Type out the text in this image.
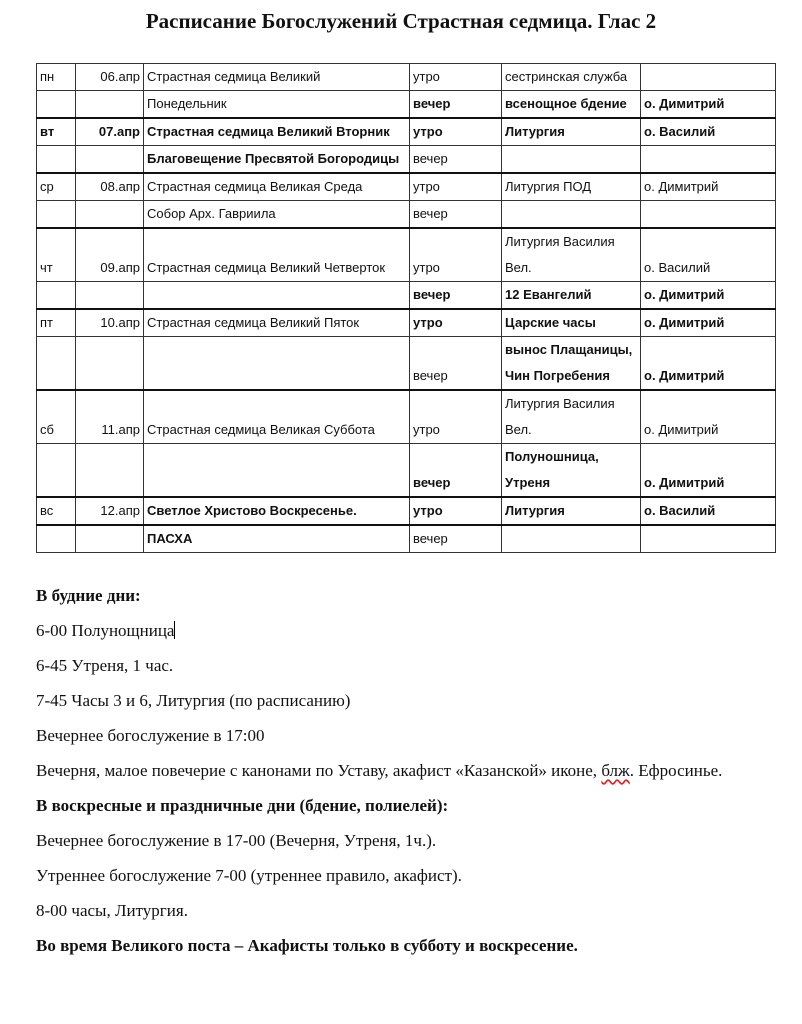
Расписание Богослужений Страстная седмица. Глас 2
пн	06.апр	Страстная седмица Великий	утро	сестринская служба	
		Понедельник	вечер	всенощное бдение	о. Димитрий
вт	07.апр	Страстная седмица Великий Вторник	утро	Литургия	о. Василий
		Благовещение Пресвятой Богородицы	вечер		
ср	08.апр	Страстная седмица Великая Среда	утро	Литургия ПОД	о. Димитрий
		Собор Арх. Гавриила	вечер		
чт	09.апр	Страстная седмица Великий Четверток	утро	Литургия Василия Вел.	о. Василий
			вечер	12 Евангелий	о. Димитрий
пт	10.апр	Страстная седмица Великий Пяток	утро	Царские часы	о. Димитрий
			вечер	вынос Плащаницы, Чин Погребения	о. Димитрий
сб	11.апр	Страстная седмица Великая Суббота	утро	Литургия Василия Вел.	о. Димитрий
			вечер	Полуношница, Утреня	о. Димитрий
вс	12.апр	Светлое Христово Воскресенье.	утро	Литургия	о. Василий
		ПАСХА	вечер		

В будние дни:

6-00 Полунощница

6-45 Утреня, 1 час.

7-45 Часы 3 и 6, Литургия (по расписанию)

Вечернее богослужение в 17:00

Вечерня, малое повечерие с канонами по Уставу, акафист «Казанской» иконе, блж. Ефросинье.

В воскресные и праздничные дни (бдение, полиелей):

Вечернее богослужение в 17-00 (Вечерня, Утреня, 1ч.).

Утреннее богослужение 7-00 (утреннее правило, акафист).

8-00 часы, Литургия.

Во время Великого поста – Акафисты только в субботу и воскресение.
